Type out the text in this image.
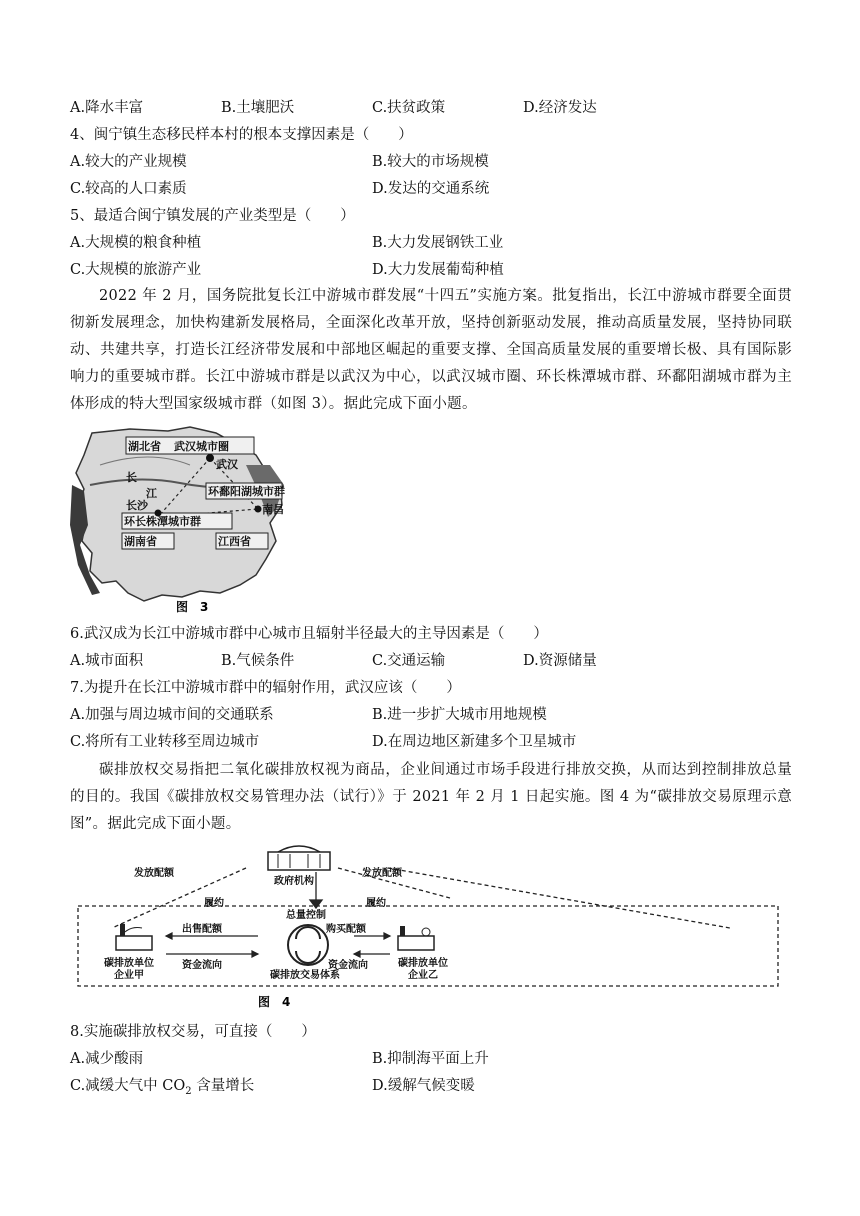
A.降水丰富	B.土壤肥沃	C.扶贫政策	D.经济发达
4、闽宁镇生态移民样本村的根本支撑因素是（　　）
A.较大的产业规模	B.较大的市场规模
C.较高的人口素质	D.发达的交通系统
5、最适合闽宁镇发展的产业类型是（　　）
A.大规模的粮食种植	B.大力发展钢铁工业
C.大规模的旅游产业	D.大力发展葡萄种植
2022 年 2 月，国务院批复长江中游城市群发展“十四五”实施方案。批复指出，长江中游城市群要全面贯彻新发展理念，加快构建新发展格局，全面深化改革开放，坚持创新驱动发展，推动高质量发展，坚持协同联动、共建共享，打造长江经济带发展和中部地区崛起的重要支撑、全国高质量发展的重要增长极、具有国际影响力的重要城市群。长江中游城市群是以武汉为中心，以武汉城市圈、环长株潭城市群、环鄱阳湖城市群为主体形成的特大型国家级城市群（如图 3）。据此完成下面小题。
湖北省 武汉城市圈
武汉
长
江	环鄱阳湖城市群
长沙	南昌
环长株潭城市群
湖南省	江西省
图　3
6.武汉成为长江中游城市群中心城市且辐射半径最大的主导因素是（　　）
A.城市面积	B.气候条件	C.交通运输	D.资源储量
7.为提升在长江中游城市群中的辐射作用，武汉应该（　　）
A.加强与周边城市间的交通联系	B.进一步扩大城市用地规模
C.将所有工业转移至周边城市	D.在周边地区新建多个卫星城市
碳排放权交易指把二氧化碳排放权视为商品，企业间通过市场手段进行排放交换，从而达到控制排放总量的目的。我国《碳排放权交易管理办法（试行）》于 2021 年 2 月 1 日起实施。图 4 为“碳排放交易原理示意图”。据此完成下面小题。
发放配额	发放配额
政府机构
履约	履约
总量控制
出售配额	购买配额
资金流向	资金流向
碳排放单位
企业甲
碳排放单位
企业乙
碳排放交易体系
图　4
8.实施碳排放权交易，可直接（　　）
A.减少酸雨	B.抑制海平面上升
C.减缓大气中 $CO_2$ 含量增长	D.缓解气候变暖
